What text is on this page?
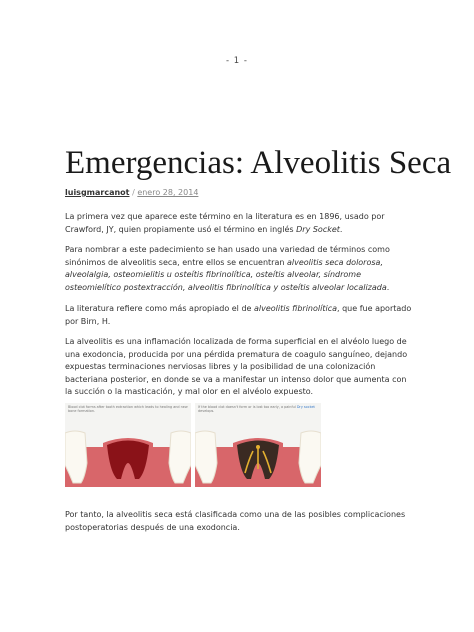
- 1 -
Emergencias: Alveolitis Seca
luisgmarcanot / enero 28, 2014

La primera vez que aparece este término en la literatura es en 1896, usado por Crawford, JY, quien propiamente usó el término en inglés Dry Socket.

Para nombrar a este padecimiento se han usado una variedad de términos como sinónimos de alveolitis seca, entre ellos se encuentran alveolitis seca dolorosa, alveolalgia, osteomielitis u osteítis fibrinolítica, osteítis alveolar, síndrome osteomielítico postextracción, alveolitis fibrinolítica y osteítis alveolar localizada.

La literatura refiere como más apropiado el de alveolitis fibrinolítica, que fue aportado por Birn, H.

La alveolitis es una inflamación localizada de forma superficial en el alvéolo luego de una exodoncia, producida por una pérdida prematura de coagulo sanguíneo, dejando expuestas terminaciones nerviosas libres y la posibilidad de una colonización bacteriana posterior, en donde se va a manifestar un intenso dolor que aumenta con la succión o la masticación, y mal olor en el alvéolo expuesto.

Blood clot forms after tooth extraction which leads to healing and new bone formation.
If the blood clot doesn't form or is lost too early, a painful Dry socket develops.

Por tanto, la alveolitis seca está clasificada como una de las posibles complicaciones postoperatorias después de una exodoncia.
